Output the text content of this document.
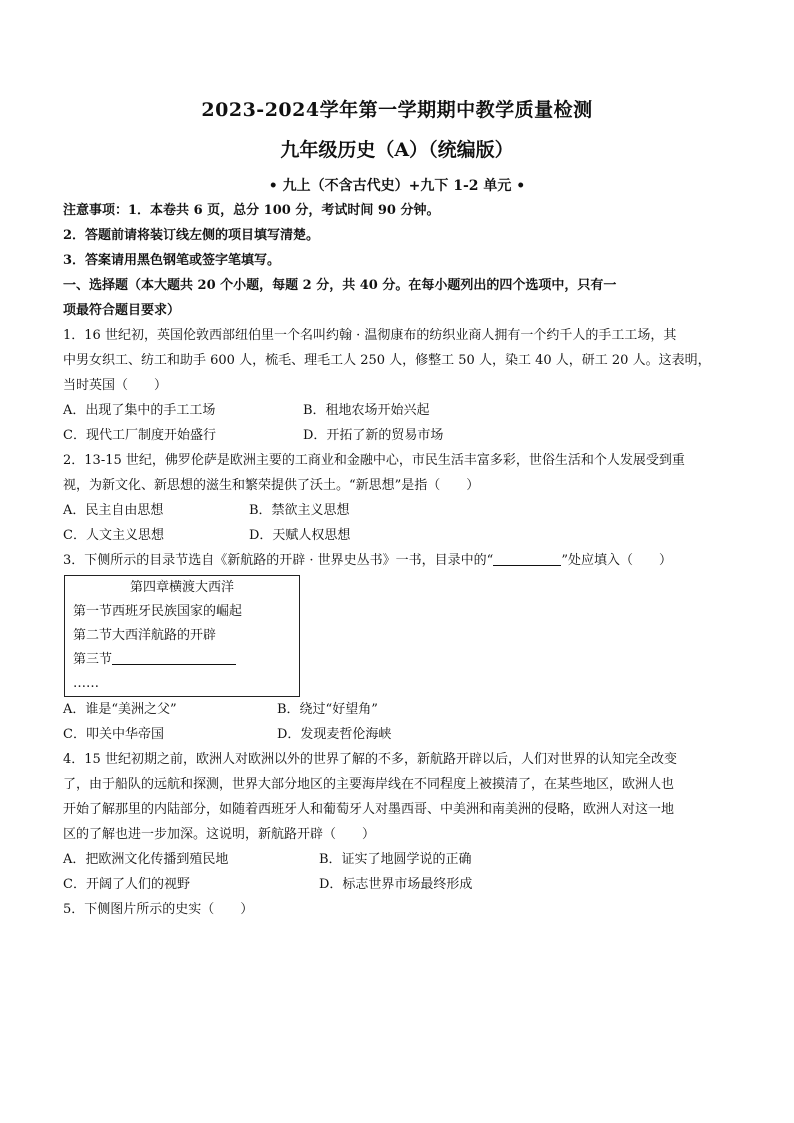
2023-2024学年第一学期期中教学质量检测
九年级历史（A）（统编版）
• 九上（不含古代史）+九下 1-2 单元 •
注意事项：1．本卷共 6 页，总分 100 分，考试时间 90 分钟。
2．答题前请将装订线左侧的项目填写清楚。
3．答案请用黑色钢笔或签字笔填写。
一、选择题（本大题共 20 个小题，每题 2 分，共 40 分。在每小题列出的四个选项中，只有一
项最符合题目要求）
1．16 世纪初，英国伦敦西部纽伯里一个名叫约翰 · 温彻康布的纺织业商人拥有一个约千人的手工工场，其
中男女织工、纺工和助手 600 人，梳毛、理毛工人 250 人，修整工 50 人，染工 40 人，研工 20 人。这表明，
当时英国（　　）
A．出现了集中的手工工场	B．租地农场开始兴起
C．现代工厂制度开始盛行	D．开拓了新的贸易市场
2．13-15 世纪，佛罗伦萨是欧洲主要的工商业和金融中心，市民生活丰富多彩，世俗生活和个人发展受到重
视，为新文化、新思想的滋生和繁荣提供了沃土。“新思想”是指（　　）
A．民主自由思想	B．禁欲主义思想
C．人文主义思想	D．天赋人权思想
3．下侧所示的目录节选自《新航路的开辟 · 世界史丛书》一书，目录中的“	”处应填入（　　）
第四章横渡大西洋
第一节西班牙民族国家的崛起
第二节大西洋航路的开辟
第三节
……
A．谁是“美洲之父”	B．绕过“好望角”
C．叩关中华帝国	D．发现麦哲伦海峡
4．15 世纪初期之前，欧洲人对欧洲以外的世界了解的不多，新航路开辟以后，人们对世界的认知完全改变
了，由于船队的远航和探测，世界大部分地区的主要海岸线在不同程度上被摸清了，在某些地区，欧洲人也
开始了解那里的内陆部分，如随着西班牙人和葡萄牙人对墨西哥、中美洲和南美洲的侵略，欧洲人对这一地
区的了解也进一步加深。这说明，新航路开辟（　　）
A．把欧洲文化传播到殖民地	B．证实了地圆学说的正确
C．开阔了人们的视野	D．标志世界市场最终形成
5．下侧图片所示的史实（　　）
